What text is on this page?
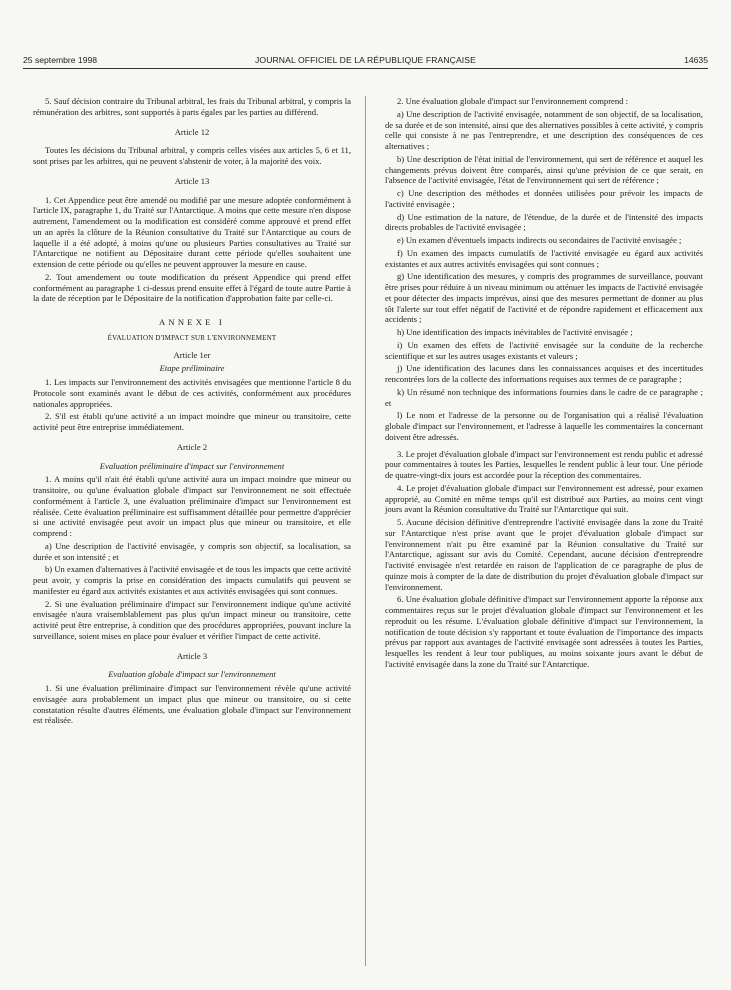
25 septembre 1998	JOURNAL OFFICIEL DE LA RÉPUBLIQUE FRANÇAISE	14635

5. Sauf décision contraire du Tribunal arbitral, les frais du Tribunal arbitral, y compris la rémunération des arbitres, sont supportés à parts égales par les parties au différend.

Article 12

Toutes les décisions du Tribunal arbitral, y compris celles visées aux articles 5, 6 et 11, sont prises par les arbitres, qui ne peuvent s'abstenir de voter, à la majorité des voix.

Article 13

1. Cet Appendice peut être amendé ou modifié par une mesure adoptée conformément à l'article IX, paragraphe 1, du Traité sur l'Antarctique. A moins que cette mesure n'en dispose autrement, l'amendement ou la modification est considéré comme approuvé et prend effet un an après la clôture de la Réunion consultative du Traité sur l'Antarctique au cours de laquelle il a été adopté, à moins qu'une ou plusieurs Parties consultatives au Traité sur l'Antarctique ne notifient au Dépositaire durant cette période qu'elles souhaitent une extension de cette période ou qu'elles ne peuvent approuver la mesure en cause.

2. Tout amendement ou toute modification du présent Appendice qui prend effet conformément au paragraphe 1 ci-dessus prend ensuite effet à l'égard de toute autre Partie à la date de réception par le Dépositaire de la notification d'approbation faite par celle-ci.

ANNEXE I

ÉVALUATION D'IMPACT SUR L'ENVIRONNEMENT

Article 1er

Etape préliminaire

1. Les impacts sur l'environnement des activités envisagées que mentionne l'article 8 du Protocole sont examinés avant le début de ces activités, conformément aux procédures nationales appropriées.

2. S'il est établi qu'une activité a un impact moindre que mineur ou transitoire, cette activité peut être entreprise immédiatement.

Article 2

Evaluation préliminaire d'impact sur l'environnement

1. A moins qu'il n'ait été établi qu'une activité aura un impact moindre que mineur ou transitoire, ou qu'une évaluation globale d'impact sur l'environnement ne soit effectuée conformément à l'article 3, une évaluation préliminaire d'impact sur l'environnement est réalisée. Cette évaluation préliminaire est suffisamment détaillée pour permettre d'apprécier si une activité envisagée peut avoir un impact plus que mineur ou transitoire, et elle comprend :

a) Une description de l'activité envisagée, y compris son objectif, sa localisation, sa durée et son intensité ; et

b) Un examen d'alternatives à l'activité envisagée et de tous les impacts que cette activité peut avoir, y compris la prise en considération des impacts cumulatifs qui peuvent se manifester eu égard aux activités existantes et aux activités envisagées qui sont connues.

2. Si une évaluation préliminaire d'impact sur l'environnement indique qu'une activité envisagée n'aura vraisemblablement pas plus qu'un impact mineur ou transitoire, cette activité peut être entreprise, à condition que des procédures appropriées, pouvant inclure la surveillance, soient mises en place pour évaluer et vérifier l'impact de cette activité.

Article 3

Evaluation globale d'impact sur l'environnement

1. Si une évaluation préliminaire d'impact sur l'environnement révèle qu'une activité envisagée aura probablement un impact plus que mineur ou transitoire, ou si cette constatation résulte d'autres éléments, une évaluation globale d'impact sur l'environnement est réalisée.

2. Une évaluation globale d'impact sur l'environnement comprend :

a) Une description de l'activité envisagée, notamment de son objectif, de sa localisation, de sa durée et de son intensité, ainsi que des alternatives possibles à cette activité, y compris celle qui consiste à ne pas l'entreprendre, et une description des conséquences de ces alternatives ;

b) Une description de l'état initial de l'environnement, qui sert de référence et auquel les changements prévus doivent être comparés, ainsi qu'une prévision de ce que serait, en l'absence de l'activité envisagée, l'état de l'environnement qui sert de référence ;

c) Une description des méthodes et données utilisées pour prévoir les impacts de l'activité envisagée ;

d) Une estimation de la nature, de l'étendue, de la durée et de l'intensité des impacts directs probables de l'activité envisagée ;

e) Un examen d'éventuels impacts indirects ou secondaires de l'activité envisagée ;

f) Un examen des impacts cumulatifs de l'activité envisagée eu égard aux activités existantes et aux autres activités envisagées qui sont connues ;

g) Une identification des mesures, y compris des programmes de surveillance, pouvant être prises pour réduire à un niveau minimum ou atténuer les impacts de l'activité envisagée et pour détecter des impacts imprévus, ainsi que des mesures permettant de donner au plus tôt l'alerte sur tout effet négatif de l'activité et de répondre rapidement et efficacement aux accidents ;

h) Une identification des impacts inévitables de l'activité envisagée ;

i) Un examen des effets de l'activité envisagée sur la conduite de la recherche scientifique et sur les autres usages existants et valeurs ;

j) Une identification des lacunes dans les connaissances acquises et des incertitudes rencontrées lors de la collecte des informations requises aux termes de ce paragraphe ;

k) Un résumé non technique des informations fournies dans le cadre de ce paragraphe ; et

l) Le nom et l'adresse de la personne ou de l'organisation qui a réalisé l'évaluation globale d'impact sur l'environnement, et l'adresse à laquelle les commentaires la concernant doivent être adressés.

3. Le projet d'évaluation globale d'impact sur l'environnement est rendu public et adressé pour commentaires à toutes les Parties, lesquelles le rendent public à leur tour. Une période de quatre-vingt-dix jours est accordée pour la réception des commentaires.

4. Le projet d'évaluation globale d'impact sur l'environnement est adressé, pour examen approprié, au Comité en même temps qu'il est distribué aux Parties, au moins cent vingt jours avant la Réunion consultative du Traité sur l'Antarctique qui suit.

5. Aucune décision définitive d'entreprendre l'activité envisagée dans la zone du Traité sur l'Antarctique n'est prise avant que le projet d'évaluation globale d'impact sur l'environnement n'ait pu être examiné par la Réunion consultative du Traité sur l'Antarctique, agissant sur avis du Comité. Cependant, aucune décision d'entreprendre l'activité envisagée n'est retardée en raison de l'application de ce paragraphe de plus de quinze mois à compter de la date de distribution du projet d'évaluation globale d'impact sur l'environnement.

6. Une évaluation globale définitive d'impact sur l'environnement apporte la réponse aux commentaires reçus sur le projet d'évaluation globale d'impact sur l'environnement et les reproduit ou les résume. L'évaluation globale définitive d'impact sur l'environnement, la notification de toute décision s'y rapportant et toute évaluation de l'importance des impacts prévus par rapport aux avantages de l'activité envisagée sont adressées à toutes les Parties, lesquelles les rendent à leur tour publiques, au moins soixante jours avant le début de l'activité envisagée dans la zone du Traité sur l'Antarctique.
